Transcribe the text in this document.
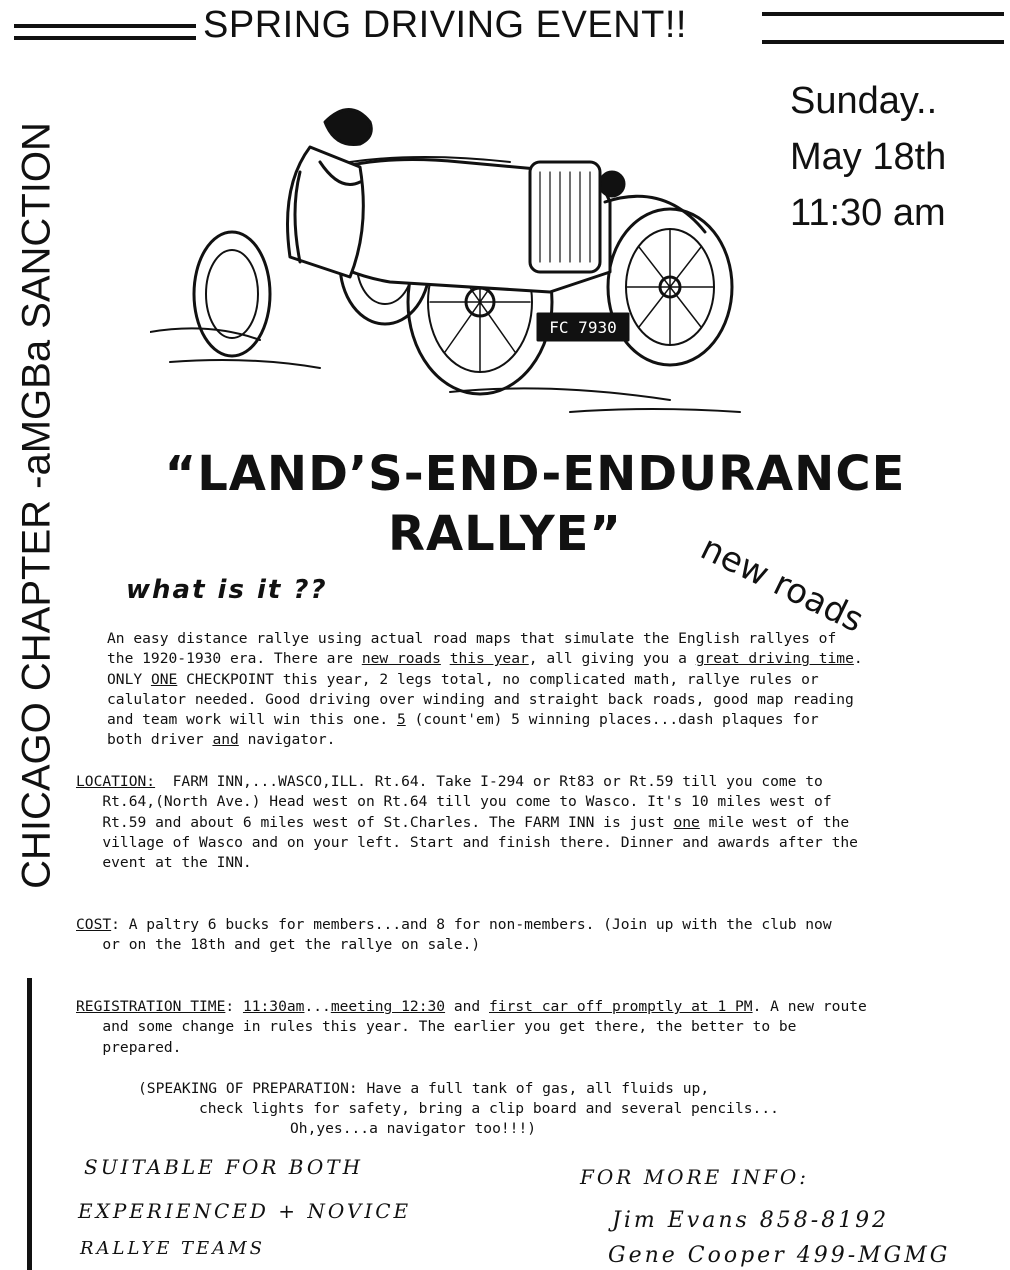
SPRING DRIVING EVENT!!
CHICAGO CHAPTER -aMGBa SANCTION
Sunday..
May 18th
11:30 am
FC 7930
“LAND’S-END-ENDURANCE
RALLYE”	new roads
what is it ??
An easy distance rallye using actual road maps that simulate the English rallyes of
the 1920-1930 era. There are new roads this year, all giving you a great driving time.
ONLY ONE CHECKPOINT this year, 2 legs total, no complicated math, rallye rules or
calulator needed. Good driving over winding and straight back roads, good map reading
and team work will win this one. 5 (count'em) 5 winning places...dash plaques for
both driver and navigator.
LOCATION:  FARM INN,...WASCO,ILL. Rt.64. Take I-294 or Rt83 or Rt.59 till you come to
Rt.64,(North Ave.) Head west on Rt.64 till you come to Wasco. It's 10 miles west of
Rt.59 and about 6 miles west of St.Charles. The FARM INN is just one mile west of the
village of Wasco and on your left. Start and finish there. Dinner and awards after the
event at the INN.
COST: A paltry 6 bucks for members...and 8 for non-members. (Join up with the club now
or on the 18th and get the rallye on sale.)
REGISTRATION TIME: 11:30am...meeting 12:30 and first car off promptly at 1 PM. A new route
and some change in rules this year. The earlier you get there, the better to be
prepared.
(SPEAKING OF PREPARATION: Have a full tank of gas, all fluids up,
check lights for safety, bring a clip board and several pencils...
Oh,yes...a navigator too!!!)
SUITABLE FOR BOTH
EXPERIENCED + NOVICE
RALLYE TEAMS
FOR MORE INFO:
Jim Evans 858-8192
Gene Cooper 499-MGMG
